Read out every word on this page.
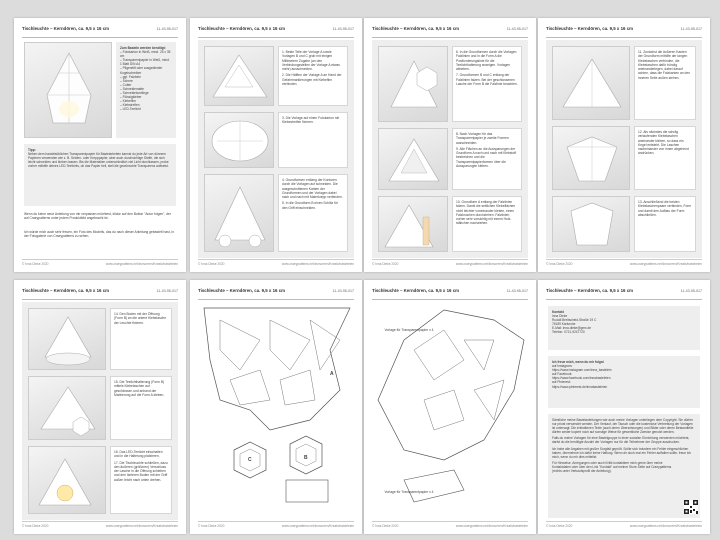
Tischleuchte – Kerndören, ca. 9,5 x 16 cm	11-43-95-017
Zum Basteln werden benötigt:
– Fotokarton in Weiß, mind. 25 x 35 cm
– Transparentpapier in Weiß, mind. 1 Blatt DIN A4
– Pilgerstift oder ausgedienter Kugelschreiber
– ggf. Falzbein
– Schere
– Cutter
– Schneidematte
– Schneidekontlinge
– Flüssigkleber
– Klebefilm
– Klebstreifen
– LED-Teelicht
Tipp:
Neben dem handelsüblichen Transparentpapier für Bastelarbeiten kannst du jede Art von dünnem Papieren verwenden wie z. B. Seiden- oder Krepppapier, aber auch durchsichtige Stoffe, die sich leicht schneiden und kleben lassen. Bis die Materialien unterschiedlich viel Licht durchlassen, probe vorher mithilfe deines LED-Teelichts, ob das Papier hell, stell die gewünschte Transparenz aufweist.
Wenn du keine neue Anleitung von mir verpassen möchtest, klicke auf den Button "Autor folgen", der auf Craeypatterns unter jedem Produktbild angebracht ist.
Ich würde mich auch sehr freuen, ein Foto des Modells, das du nach dieser Anleitung gebastelt hast, in der Fotogalerie von Craeypatterns zu sehen.
© Inna Dieke 2020	www.craeypattems.net/kvrscreen/Kreativbasteleien
Tischleuchte – Kerndören, ca. 9,5 x 16 cm	11-43-95-017
1. Beide Teile der Vorlage A sowie Vorlagen B und C grob mit einigen Millimetern Zugabe (an den Verbindungsstellen der Vorlage A etwas mehr) ausschneiden.
2. Die Hälften der Vorlage A an Hand der Gefahrmarkierungen mit Klebefilm verbinden.
3. Die Vorlage auf einen Fotokarton mit Klebestreifen fixieren.
4. Grundformen entlang der Konturen durch die Vorlagen auf schneiden. Die ausgeschnittenen Kanten der Grundformen und der Vorlagen dabei nach und nach mit Malerkrepp verbinden.
5. In die Grundform B einen Schlitz für den Griff einschneiden.
© Inna Dieke 2020	www.craeypattems.net/kvrscreen/Kreativbasteleien
Tischleuchte – Kerndören, ca. 9,5 x 16 cm	11-43-95-017
6. In die Grundformen durch die Vorlagen Falzlinien und in die Form A die Positionierungslinie für die Teelichthalterung anzeigen. Vorlagen abheben.
7. Grundformen B und C entlang der Falzlinien falzen. Bei der geschlossenen Lasche der Form B die Falzlinie beachten.
8. Nach Vorlagen für das Transparentpapier je zweite Formen ausschneiden.
9. Alle Flächen an die Aussparungen der Grundform A nach und nach mit Klebstoff bestreichen und die Transparentpapierformen über die Aussparungen kleben.
10. Grundform A entlang der Falzlinien falzen. Damit die seitlichen Klebeflächen nicht leichter voneinander kleben, einen Falzknochen durchziehen. Falzlinien vorher sehr vorsichtig mit einem Holz- stäbchen nachziehen.
© Inna Dieke 2020	www.craeypattems.net/kvrscreen/Kreativbasteleien
Tischleuchte – Kerndören, ca. 9,5 x 16 cm	11-43-95-017
11. Zunächst die äußeren Kanten der Grundform mithilfe der langen Klebelaschen verbinden, die Klebelaschen dafür bündig aneinanderlegen, dabei darauf achten, dass die Falzkanten an den inneren Seite außen stehen.
12. Als nächstes die schräg verlaufenden Klebelaschen aneinander kleben, so dass ein Kegel entsteht. Die Laschen nacheinander von innen abgehend andrücken.
13. Anschließend die beiden Klebelaschenpaare verbinden, Form und damit den Aufbau der Form abschließen.
© Inna Dieke 2020	www.craeypattems.net/kvrscreen/Kreativbasteleien
Tischleuchte – Kerndören, ca. 9,5 x 16 cm	11-43-95-017
14. Den Boden mit der Öffnung (Form B) an die untere Klebelasche der Leuchte fixieren.
15. Die Teelichthalterung (Form B) mittels Klebelaschen auf geschlossen und anhand der Markierung auf die Form A kleben.
16. Das LED-Teelicht einschalten und in die Halterung platzieren.
17. Die Tischleuchte schließen, dazu den äußeren (größeren) Verschluss der Lasche in die Öffnung schieben und den hinteren Boden mit der Griff außen leicht nach unten drehen.
© Inna Dieke 2020	www.craeypattems.net/kvrscreen/Kreativbasteleien
Tischleuchte – Kerndören, ca. 9,5 x 16 cm	11-43-95-017
A
B
C
© Inna Dieke 2020	www.craeypattems.net/kvrscreen/Kreativbasteleien
Tischleuchte – Kerndören, ca. 9,5 x 16 cm	11-43-95-017
Vorlage für Transparentpapier x 4
Vorlage für Transparentpapier x 4
© Inna Dieke 2020	www.craeypattems.net/kvrscreen/Kreativbasteleien
Tischleuchte – Kerndören, ca. 9,5 x 16 cm	11-43-95-017
Kontakt
Inna Dieke
Rudolf-Breitscheid-Straße 19 C
76189 Karlsruhe
E-Mail: inna.dieke@gmx.de
Telefon: 0721-9247720
Ich freue mich, wenn du mir folgst
auf Instagram:
https://www.instagram.com/inna_bastelein
auf Facebook:
https://www.facebook.com/innabasteleien
auf Pinterest:
https://www.pinterest.de/innabasteleien
Sämtliche meine Bastelanleitungen wie auch meine Vorlagen unterliegen dem Copyright. Sie dürfen nur privat verwendet werden. Der Verkauf, der Tausch oder die kostenlose Verbreitung der Vorlagen ist untersagt. Die enthaltenen Texte (auch deren Übersetzungen) und Bilder oder deren Bestandteile dürfen weder kopiert noch auf sonstige Weise für gewerbliche Zwecke genutzt werden.
Falls du meine Vorlagen für eine Bastelgruppe in einer sozialen Einrichtung verwenden möchtest, darfst du die benötigte Anzahl der Vorlagen nur für die Teilnehmer der Gruppe ausdrucken.
Ich habe alle Angaben mit großer Sorgfalt geprüft. Sollte sich trotzdem ein Fehler eingeschlichen haben, übernehme ich dafür keine Haftung. Wenn dir doch mal ein Fehler auffallen sollte, freue ich mich, wenn du mir dies mitteilst.
Für Hinweise, Anregungen oder auch Kritik kontaktiere mich gerne über meine Kontaktdaten oder über den Link "Kontakt" auf meiner Store-Seite auf Craeypatterns (rechts unter Verkaufsprofil der Anleitung).
© Inna Dieke 2020	www.craeypattems.net/kvrscreen/Kreativbasteleien
